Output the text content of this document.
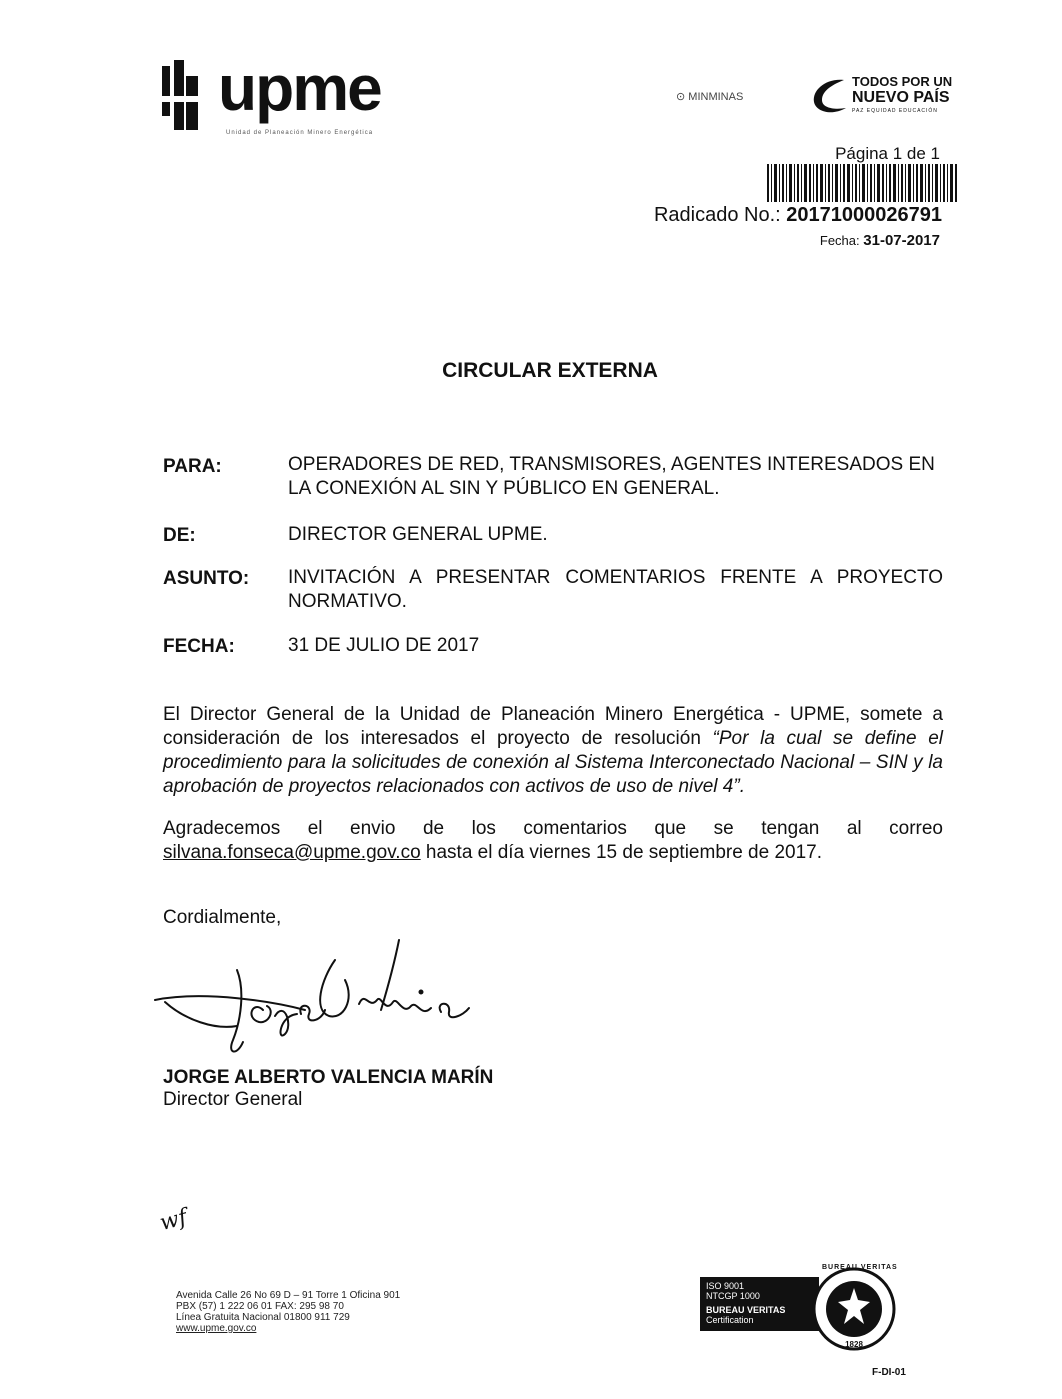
upme
Unidad de Planeación Minero Energética
⊙ MINMINAS
TODOS POR UN
NUEVO PAÍS
PAZ EQUIDAD EDUCACIÓN
Página 1 de 1
Radicado No.: 20171000026791
Fecha: 31-07-2017
CIRCULAR EXTERNA
PARA:	OPERADORES DE RED, TRANSMISORES, AGENTES INTERESADOS EN LA CONEXIÓN AL SIN Y PÚBLICO EN GENERAL.
DE:	DIRECTOR GENERAL UPME.
ASUNTO: INVITACIÓN A PRESENTAR COMENTARIOS FRENTE A PROYECTO NORMATIVO.
FECHA:	31 DE JULIO DE 2017
El Director General de la Unidad de Planeación Minero Energética - UPME, somete a consideración de los interesados el proyecto de resolución “Por la cual se define el procedimiento para la solicitudes de conexión al Sistema Interconectado Nacional – SIN y la aprobación de proyectos relacionados con activos de uso de nivel 4”.
Agradecemos el envio de los comentarios que se tengan al correo silvana.fonseca@upme.gov.co hasta el día viernes 15 de septiembre de 2017.
Cordialmente,
JORGE ALBERTO VALENCIA MARÍN
Director General
wf
Avenida Calle 26 No 69 D – 91 Torre 1 Oficina 901
PBX (57) 1 222 06 01 FAX: 295 98 70
Línea Gratuita Nacional 01800 911 729
www.upme.gov.co
ISO 9001
NTCGP 1000
BUREAU VERITAS
Certification
BUREAU VERITAS
1828
F-DI-01
